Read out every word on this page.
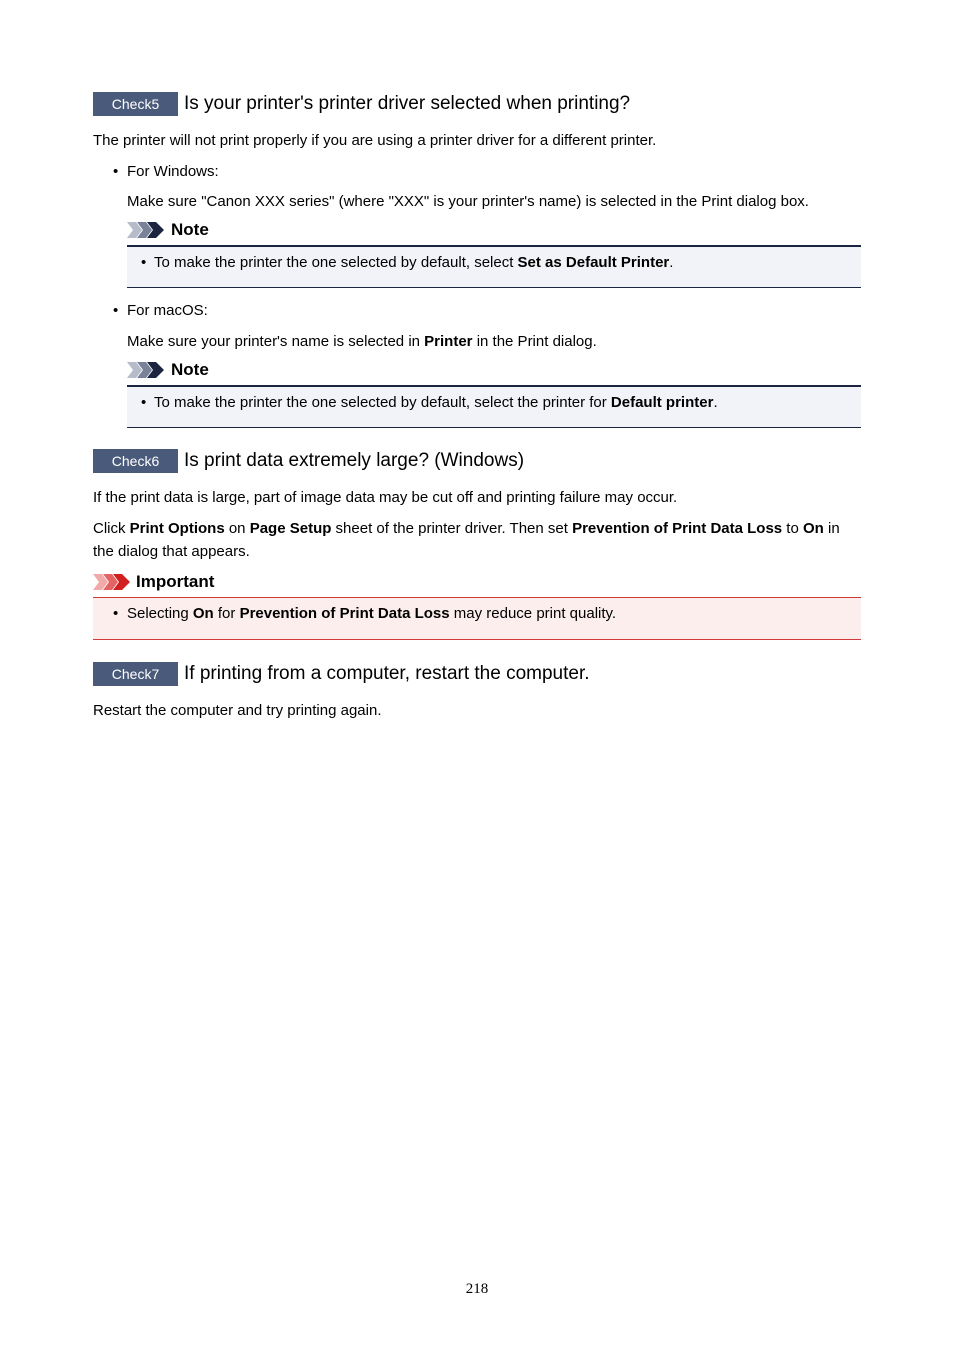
Check5	Is your printer's printer driver selected when printing?

The printer will not print properly if you are using a printer driver for a different printer.

• For Windows:

Make sure "Canon XXX series" (where "XXX" is your printer's name) is selected in the Print dialog box.

Note
• To make the printer the one selected by default, select Set as Default Printer.
• For macOS:

Make sure your printer's name is selected in Printer in the Print dialog.

Note
• To make the printer the one selected by default, select the printer for Default printer.
Check6	Is print data extremely large? (Windows)

If the print data is large, part of image data may be cut off and printing failure may occur.

Click Print Options on Page Setup sheet of the printer driver. Then set Prevention of Print Data Loss to On in the dialog that appears.

Important
• Selecting On for Prevention of Print Data Loss may reduce print quality.
Check7	If printing from a computer, restart the computer.

Restart the computer and try printing again.

218
